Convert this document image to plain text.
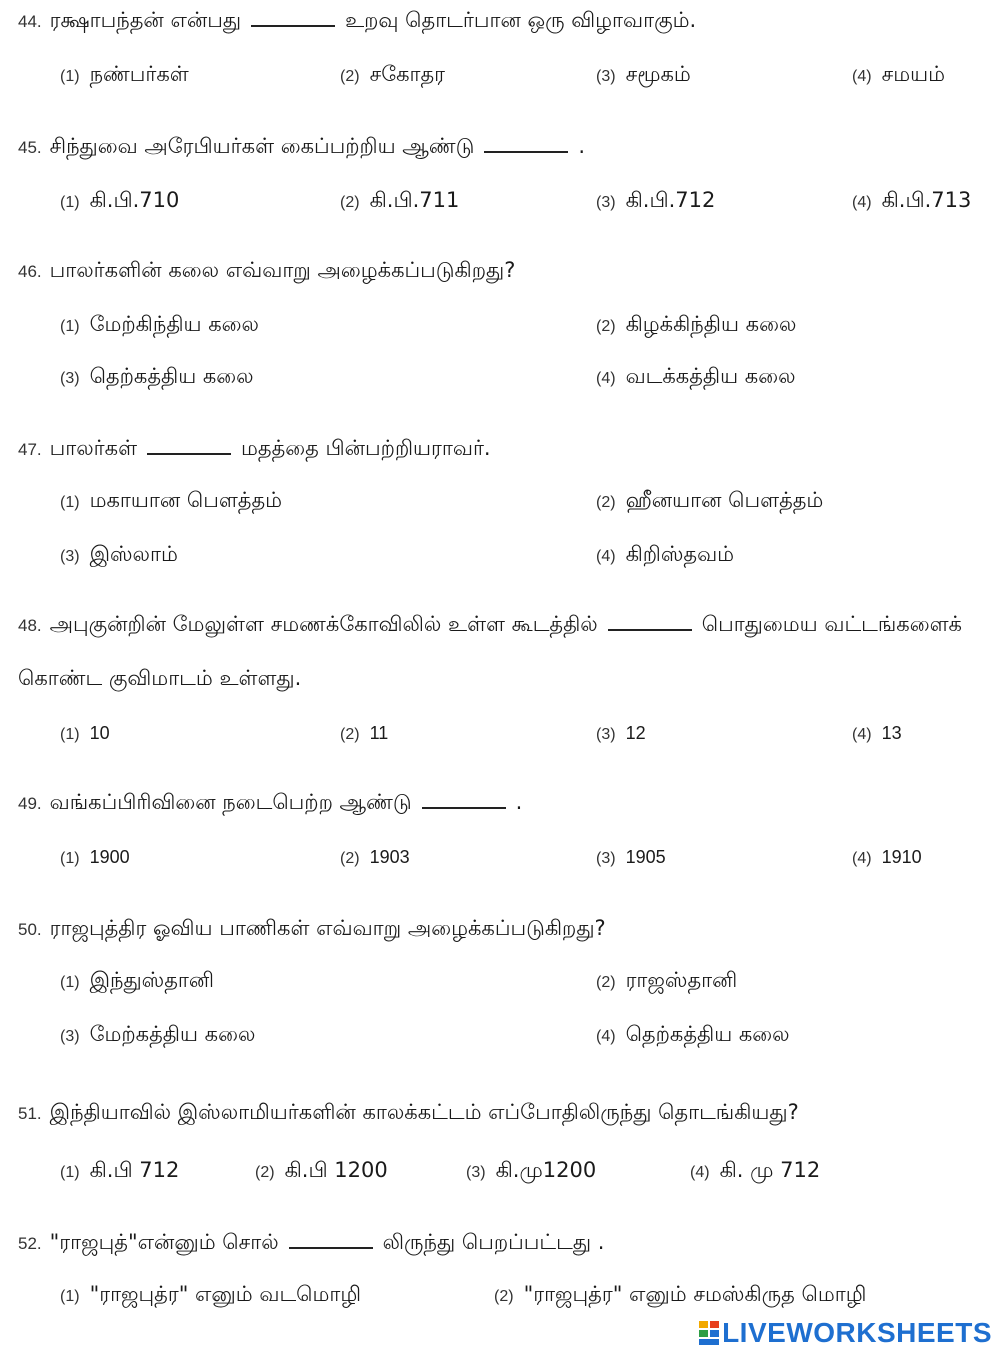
44. ரக்ஷாபந்தன் என்பது	உறவு தொடர்பான ஒரு விழாவாகும்.
(1) நண்பர்கள்	(2) சகோதர	(3) சமூகம்	(4) சமயம்
45. சிந்துவை அரேபியர்கள் கைப்பற்றிய ஆண்டு	.
(1) கி.பி.710	(2) கி.பி.711	(3) கி.பி.712	(4) கி.பி.713
46. பாலர்களின் கலை எவ்வாறு அழைக்கப்படுகிறது?
(1) மேற்கிந்திய கலை	(2) கிழக்கிந்திய கலை
(3) தெற்கத்திய கலை	(4) வடக்கத்திய கலை
47. பாலர்கள்	மதத்தை பின்பற்றியராவர்.
(1) மகாயான பௌத்தம்	(2) ஹீனயான பௌத்தம்
(3) இஸ்லாம்	(4) கிறிஸ்தவம்
48. அபுகுன்றின் மேலுள்ள சமணக்கோவிலில் உள்ள கூடத்தில்	பொதுமைய வட்டங்களைக் கொண்ட குவிமாடம் உள்ளது.
(1) 10	(2) 11	(3) 12	(4) 13
49. வங்கப்பிரிவினை நடைபெற்ற ஆண்டு	.
(1) 1900	(2) 1903	(3) 1905	(4) 1910
50. ராஜபுத்திர ஓவிய பாணிகள் எவ்வாறு அழைக்கப்படுகிறது?
(1) இந்துஸ்தானி	(2) ராஜஸ்தானி
(3) மேற்கத்திய கலை	(4) தெற்கத்திய கலை
51. இந்தியாவில் இஸ்லாமியர்களின் காலக்கட்டம் எப்போதிலிருந்து தொடங்கியது?
(1) கி.பி 712	(2) கி.பி 1200	(3) கி.மு1200	(4) கி. மு 712
52. "ராஜபுத்"என்னும் சொல்	லிருந்து பெறப்பட்டது .
(1) "ராஜபுத்ர" எனும் வடமொழி	(2) "ராஜபுத்ர" எனும் சமஸ்கிருத மொழி
LIVEWORKSHEETS
